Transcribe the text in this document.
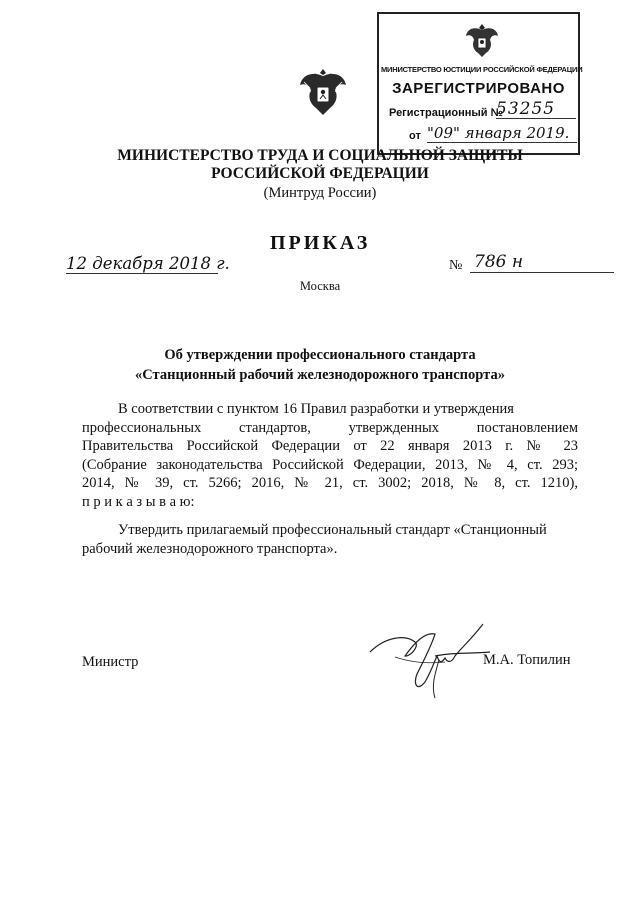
МИНИСТЕРСТВО ЮСТИЦИИ РОССИЙСКОЙ ФЕДЕРАЦИИ
ЗАРЕГИСТРИРОВАНО
Регистрационный №
53255
от "09" января 2019.
МИНИСТЕРСТВО ТРУДА И СОЦИАЛЬНОЙ ЗАЩИТЫ
РОССИЙСКОЙ ФЕДЕРАЦИИ
(Минтруд России)
ПРИКАЗ
12 декабря 2018 г.	№ 786 н
Москва
Об утверждении профессионального стандарта
«Станционный рабочий железнодорожного транспорта»
В соответствии с пунктом 16 Правил разработки и утверждения
профессиональных стандартов, утвержденных постановлением
Правительства Российской Федерации от 22 января 2013 г. № 23
(Собрание законодательства Российской Федерации, 2013, № 4, ст. 293;
2014, № 39, ст. 5266; 2016, № 21, ст. 3002; 2018, № 8, ст. 1210),
п р и к а з ы в а ю:
Утвердить прилагаемый профессиональный стандарт «Станционный
рабочий железнодорожного транспорта».
Министр	М.А. Топилин
